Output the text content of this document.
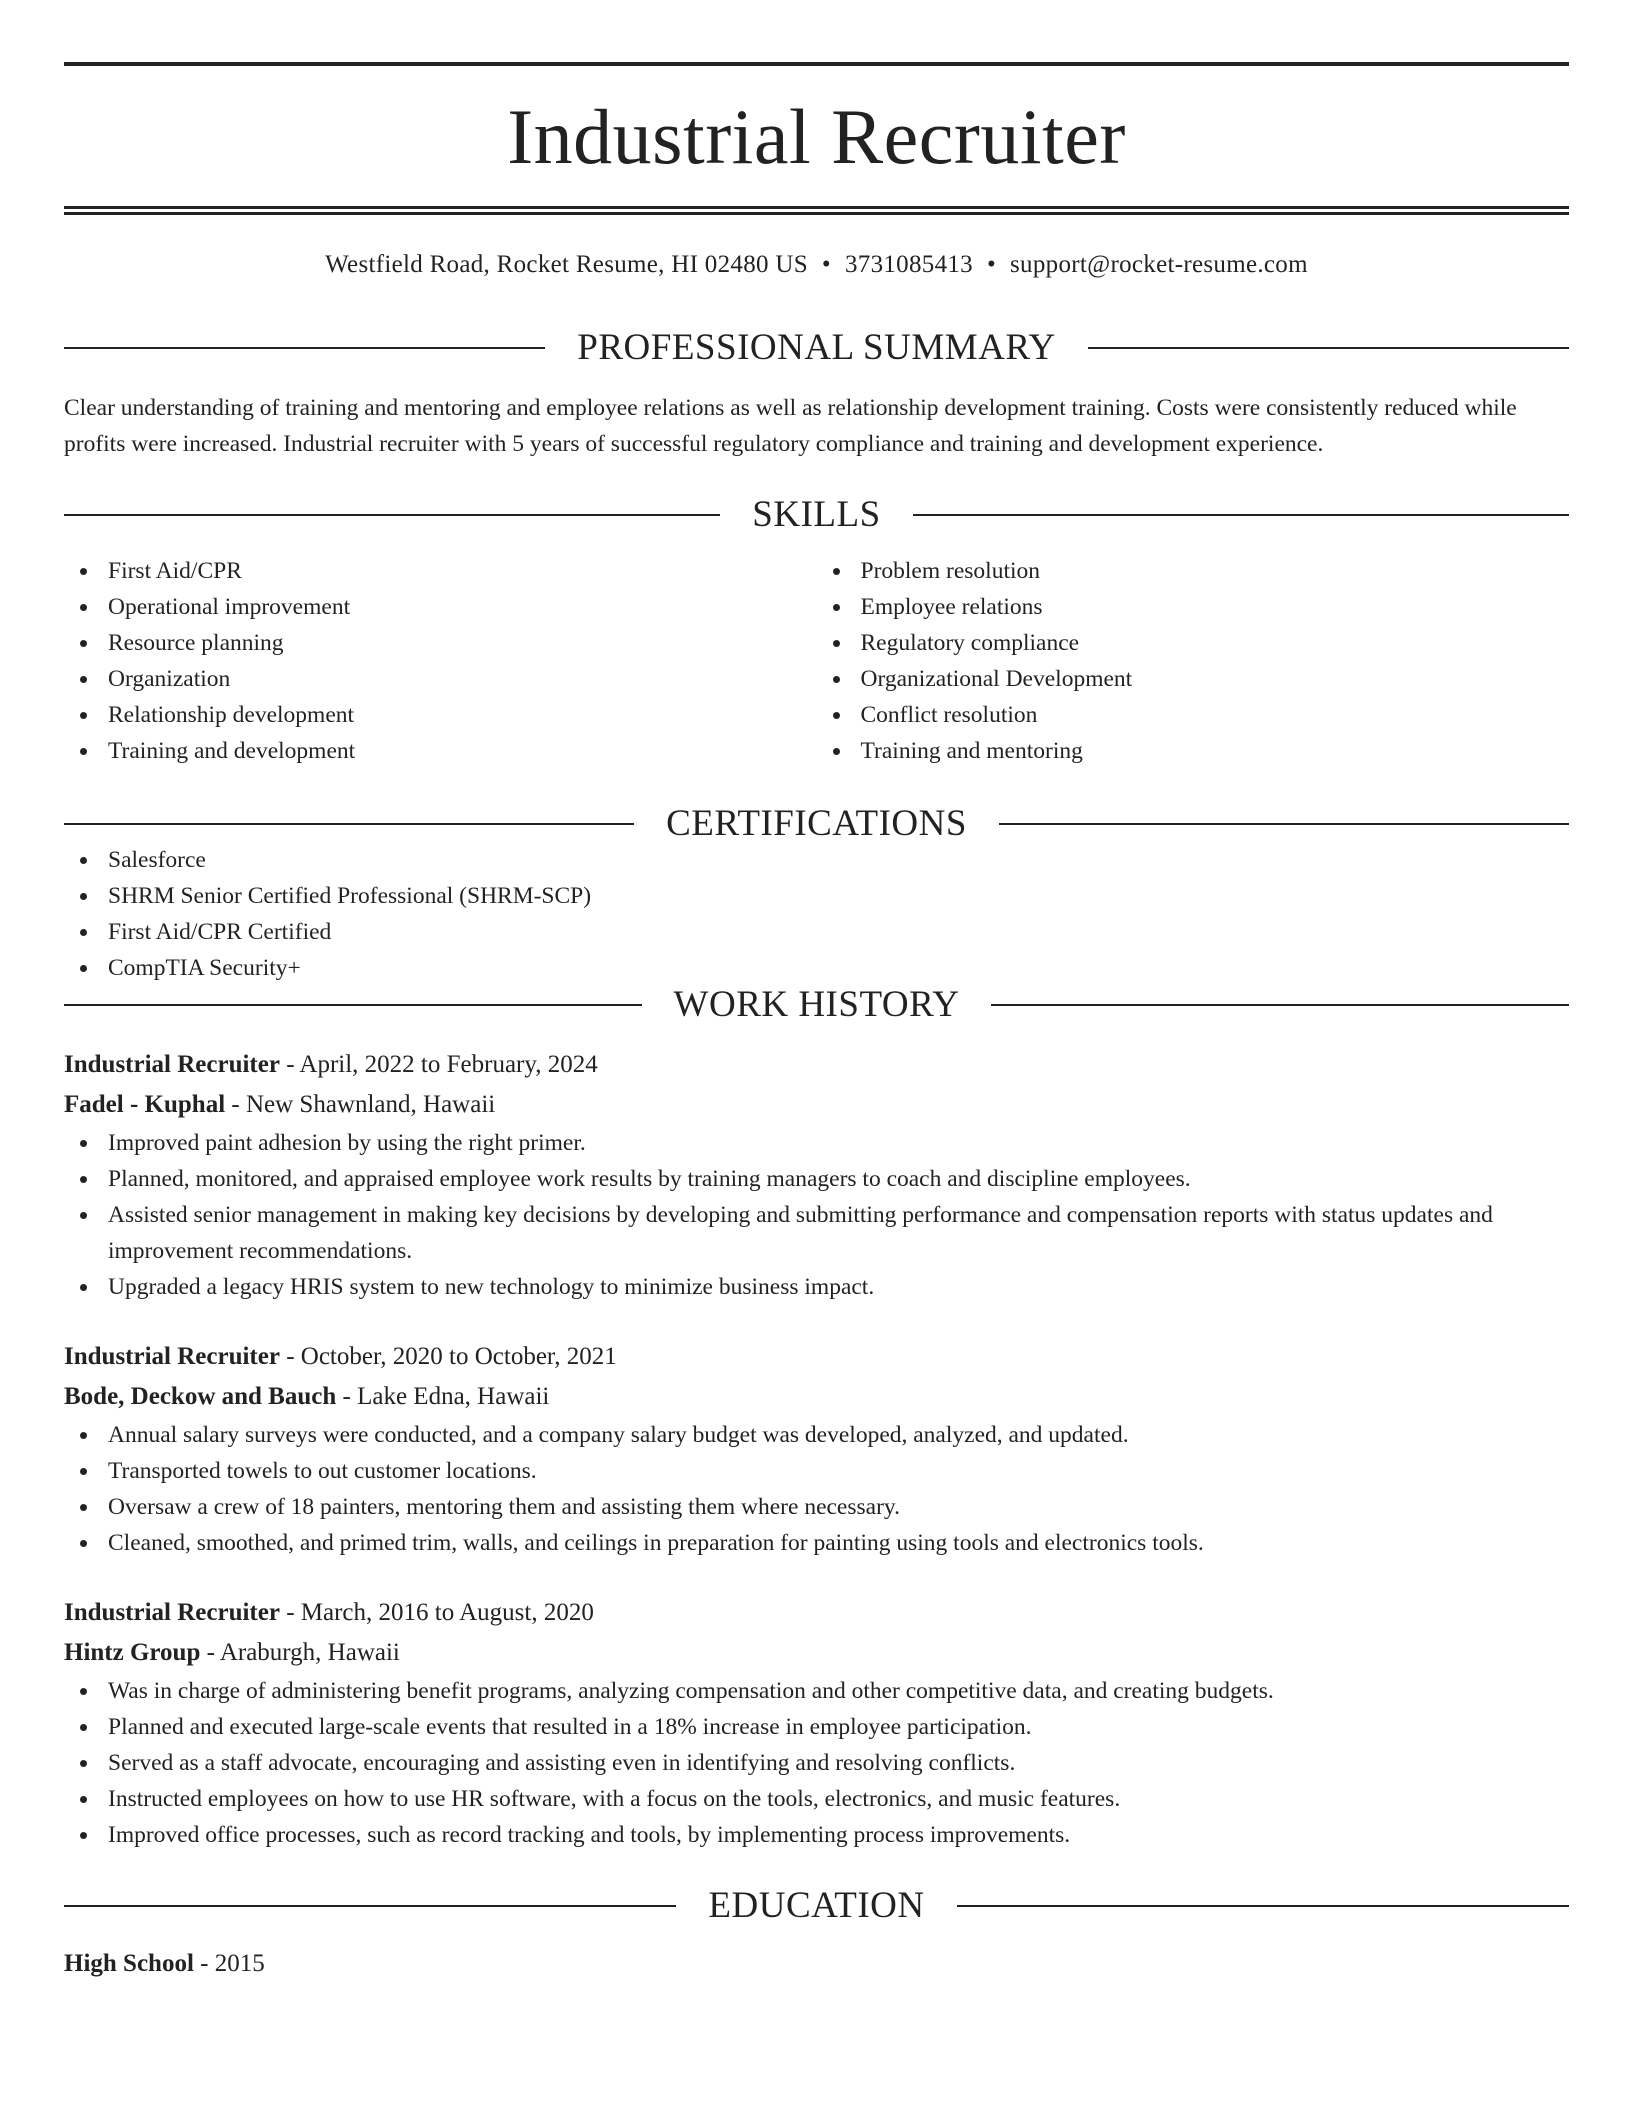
Industrial Recruiter
Westfield Road, Rocket Resume, HI 02480 US • 3731085413 • support@rocket-resume.com
PROFESSIONAL SUMMARY
Clear understanding of training and mentoring and employee relations as well as relationship development training. Costs were consistently reduced while profits were increased. Industrial recruiter with 5 years of successful regulatory compliance and training and development experience.
SKILLS
First Aid/CPR
Operational improvement
Resource planning
Organization
Relationship development
Training and development
Problem resolution
Employee relations
Regulatory compliance
Organizational Development
Conflict resolution
Training and mentoring
CERTIFICATIONS
Salesforce
SHRM Senior Certified Professional (SHRM-SCP)
First Aid/CPR Certified
CompTIA Security+
WORK HISTORY
Industrial Recruiter - April, 2022 to February, 2024
Fadel - Kuphal - New Shawnland, Hawaii
Improved paint adhesion by using the right primer.
Planned, monitored, and appraised employee work results by training managers to coach and discipline employees.
Assisted senior management in making key decisions by developing and submitting performance and compensation reports with status updates and improvement recommendations.
Upgraded a legacy HRIS system to new technology to minimize business impact.
Industrial Recruiter - October, 2020 to October, 2021
Bode, Deckow and Bauch - Lake Edna, Hawaii
Annual salary surveys were conducted, and a company salary budget was developed, analyzed, and updated.
Transported towels to out customer locations.
Oversaw a crew of 18 painters, mentoring them and assisting them where necessary.
Cleaned, smoothed, and primed trim, walls, and ceilings in preparation for painting using tools and electronics tools.
Industrial Recruiter - March, 2016 to August, 2020
Hintz Group - Araburgh, Hawaii
Was in charge of administering benefit programs, analyzing compensation and other competitive data, and creating budgets.
Planned and executed large-scale events that resulted in a 18% increase in employee participation.
Served as a staff advocate, encouraging and assisting even in identifying and resolving conflicts.
Instructed employees on how to use HR software, with a focus on the tools, electronics, and music features.
Improved office processes, such as record tracking and tools, by implementing process improvements.
EDUCATION
High School - 2015
